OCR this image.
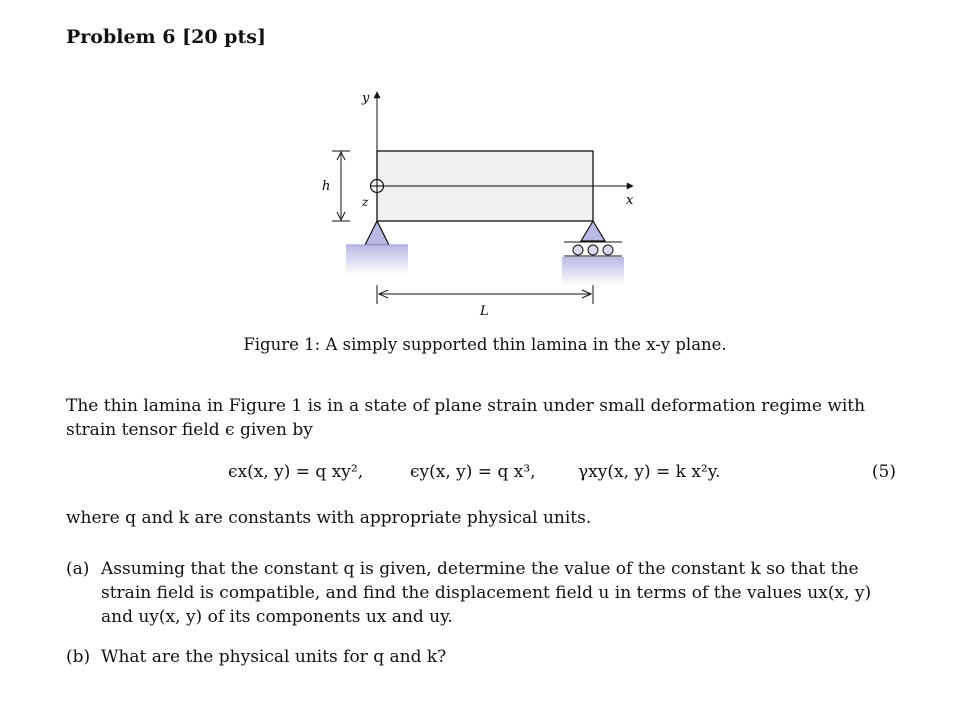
Problem 6 [20 pts]
y
x
z
h
L
Figure 1: A simply supported thin lamina in the x-y plane.
The thin lamina in Figure 1 is in a state of plane strain under small deformation regime with strain tensor field ϵ given by
ϵx(x, y) = q xy²,	ϵy(x, y) = q x³, γxy(x, y) = k x²y.	(5)
where q and k are constants with appropriate physical units.
(a) Assuming that the constant q is given, determine the value of the constant k so that the strain field is compatible, and find the displacement field u in terms of the values ux(x, y) and uy(x, y) of its components ux and uy.
(b) What are the physical units for q and k?
